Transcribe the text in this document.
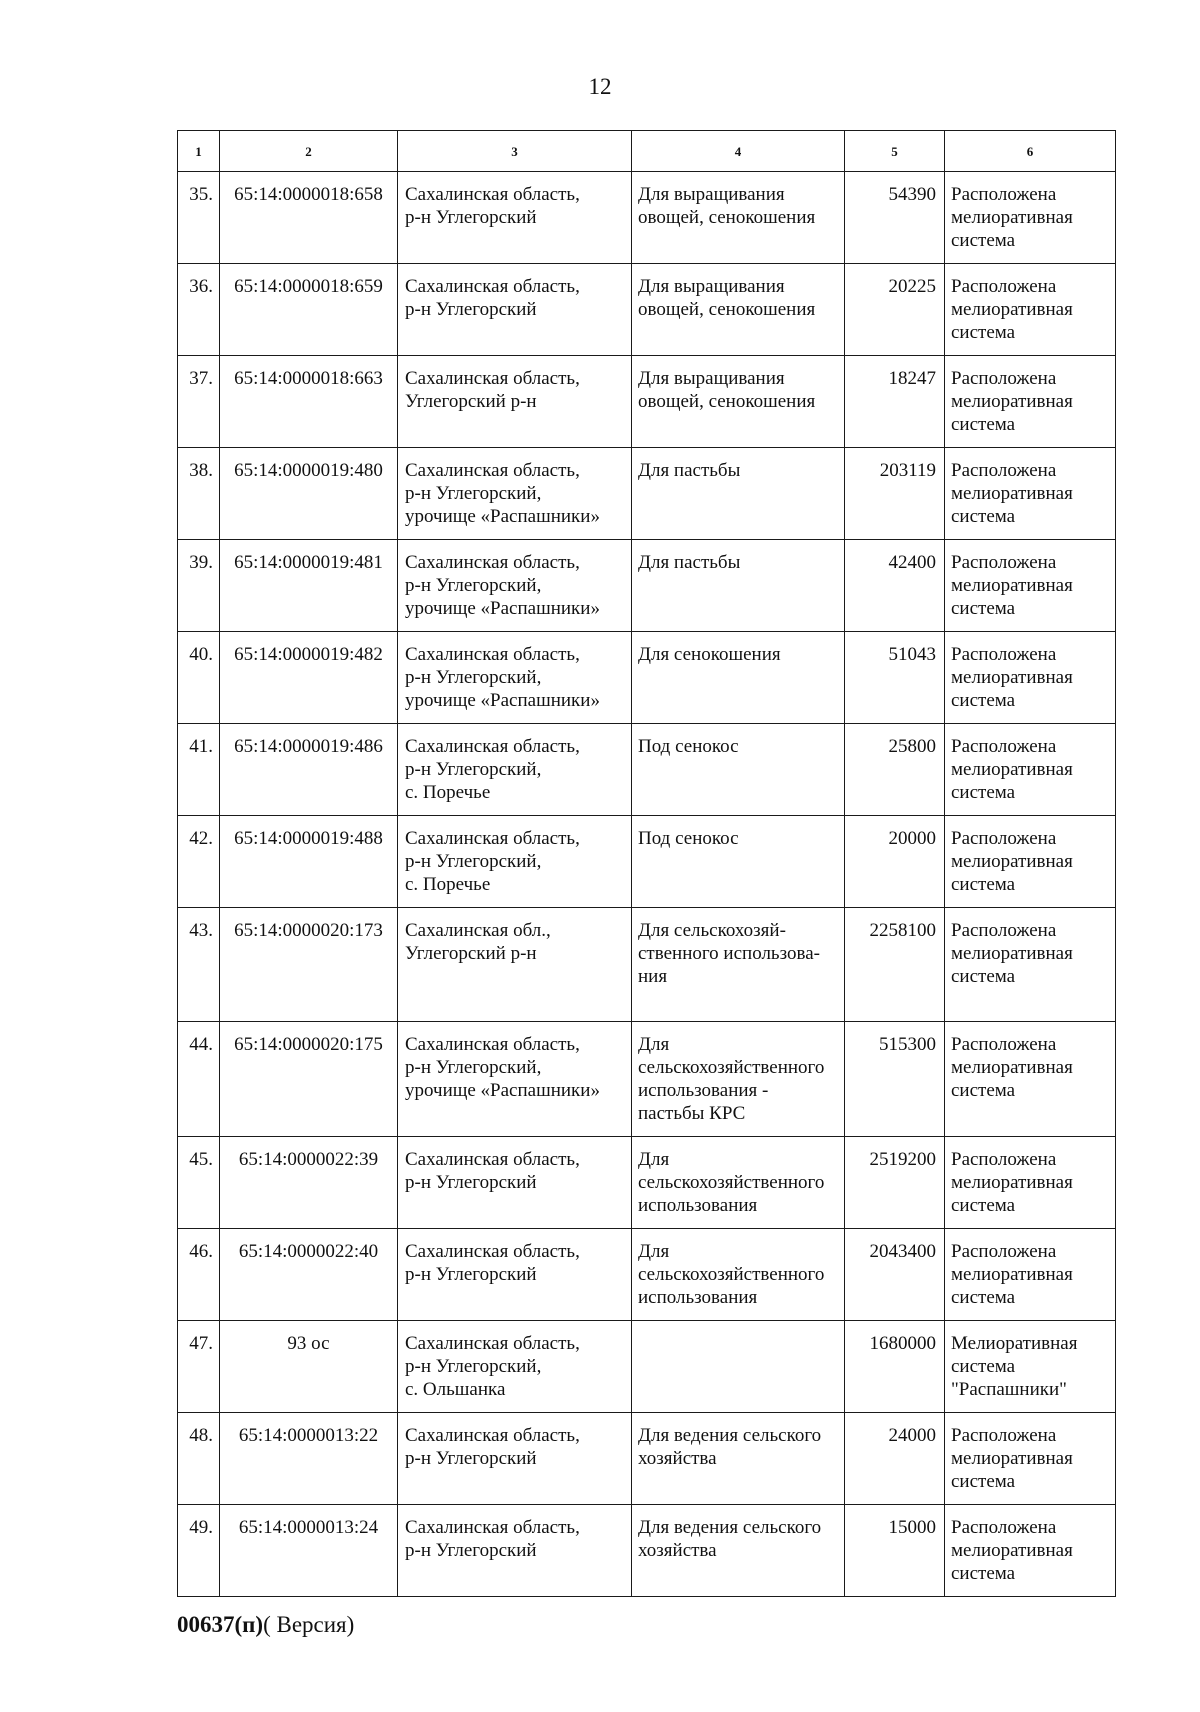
12
1	2	3	4	5	6

35.	65:14:0000018:658	Сахалинская область,
р-н Углегорский	Для выращивания
овощей, сенокошения	54390	Расположена
мелиоративная
система

36.	65:14:0000018:659	Сахалинская область,
р-н Углегорский	Для выращивания
овощей, сенокошения	20225	Расположена
мелиоративная
система

37.	65:14:0000018:663	Сахалинская область,
Углегорский р-н	Для выращивания
овощей, сенокошения	18247	Расположена
мелиоративная
система

38.	65:14:0000019:480	Сахалинская область,
р-н Углегорский,
урочище «Распашники»	Для пастьбы	203119	Расположена
мелиоративная
система

39.	65:14:0000019:481	Сахалинская область,
р-н Углегорский,
урочище «Распашники»	Для пастьбы	42400	Расположена
мелиоративная
система

40.	65:14:0000019:482	Сахалинская область,
р-н Углегорский,
урочище «Распашники»	Для сенокошения	51043	Расположена
мелиоративная
система

41.	65:14:0000019:486	Сахалинская область,
р-н Углегорский,
с. Поречье	Под сенокос	25800	Расположена
мелиоративная
система

42.	65:14:0000019:488	Сахалинская область,
р-н Углегорский,
с. Поречье	Под сенокос	20000	Расположена
мелиоративная
система

43.	65:14:0000020:173	Сахалинская обл.,
Углегорский р-н	Для сельскохозяй-
ственного использова-
ния	2258100	Расположена
мелиоративная
система

44.	65:14:0000020:175	Сахалинская область,
р-н Углегорский,
урочище «Распашники»	Для
сельскохозяйственного
использования -
пастьбы КРС	515300	Расположена
мелиоративная
система

45.	65:14:0000022:39	Сахалинская область,
р-н Углегорский	Для
сельскохозяйственного
использования	2519200	Расположена
мелиоративная
система

46.	65:14:0000022:40	Сахалинская область,
р-н Углегорский	Для
сельскохозяйственного
использования	2043400	Расположена
мелиоративная
система

47.	93 ос	Сахалинская область,
р-н Углегорский,
с. Ольшанка		1680000	Мелиоративная
система
"Распашники"

48.	65:14:0000013:22	Сахалинская область,
р-н Углегорский	Для ведения сельского
хозяйства	24000	Расположена
мелиоративная
система

49.	65:14:0000013:24	Сахалинская область,
р-н Углегорский	Для ведения сельского
хозяйства	15000	Расположена
мелиоративная
система
00637(п)( Версия)
